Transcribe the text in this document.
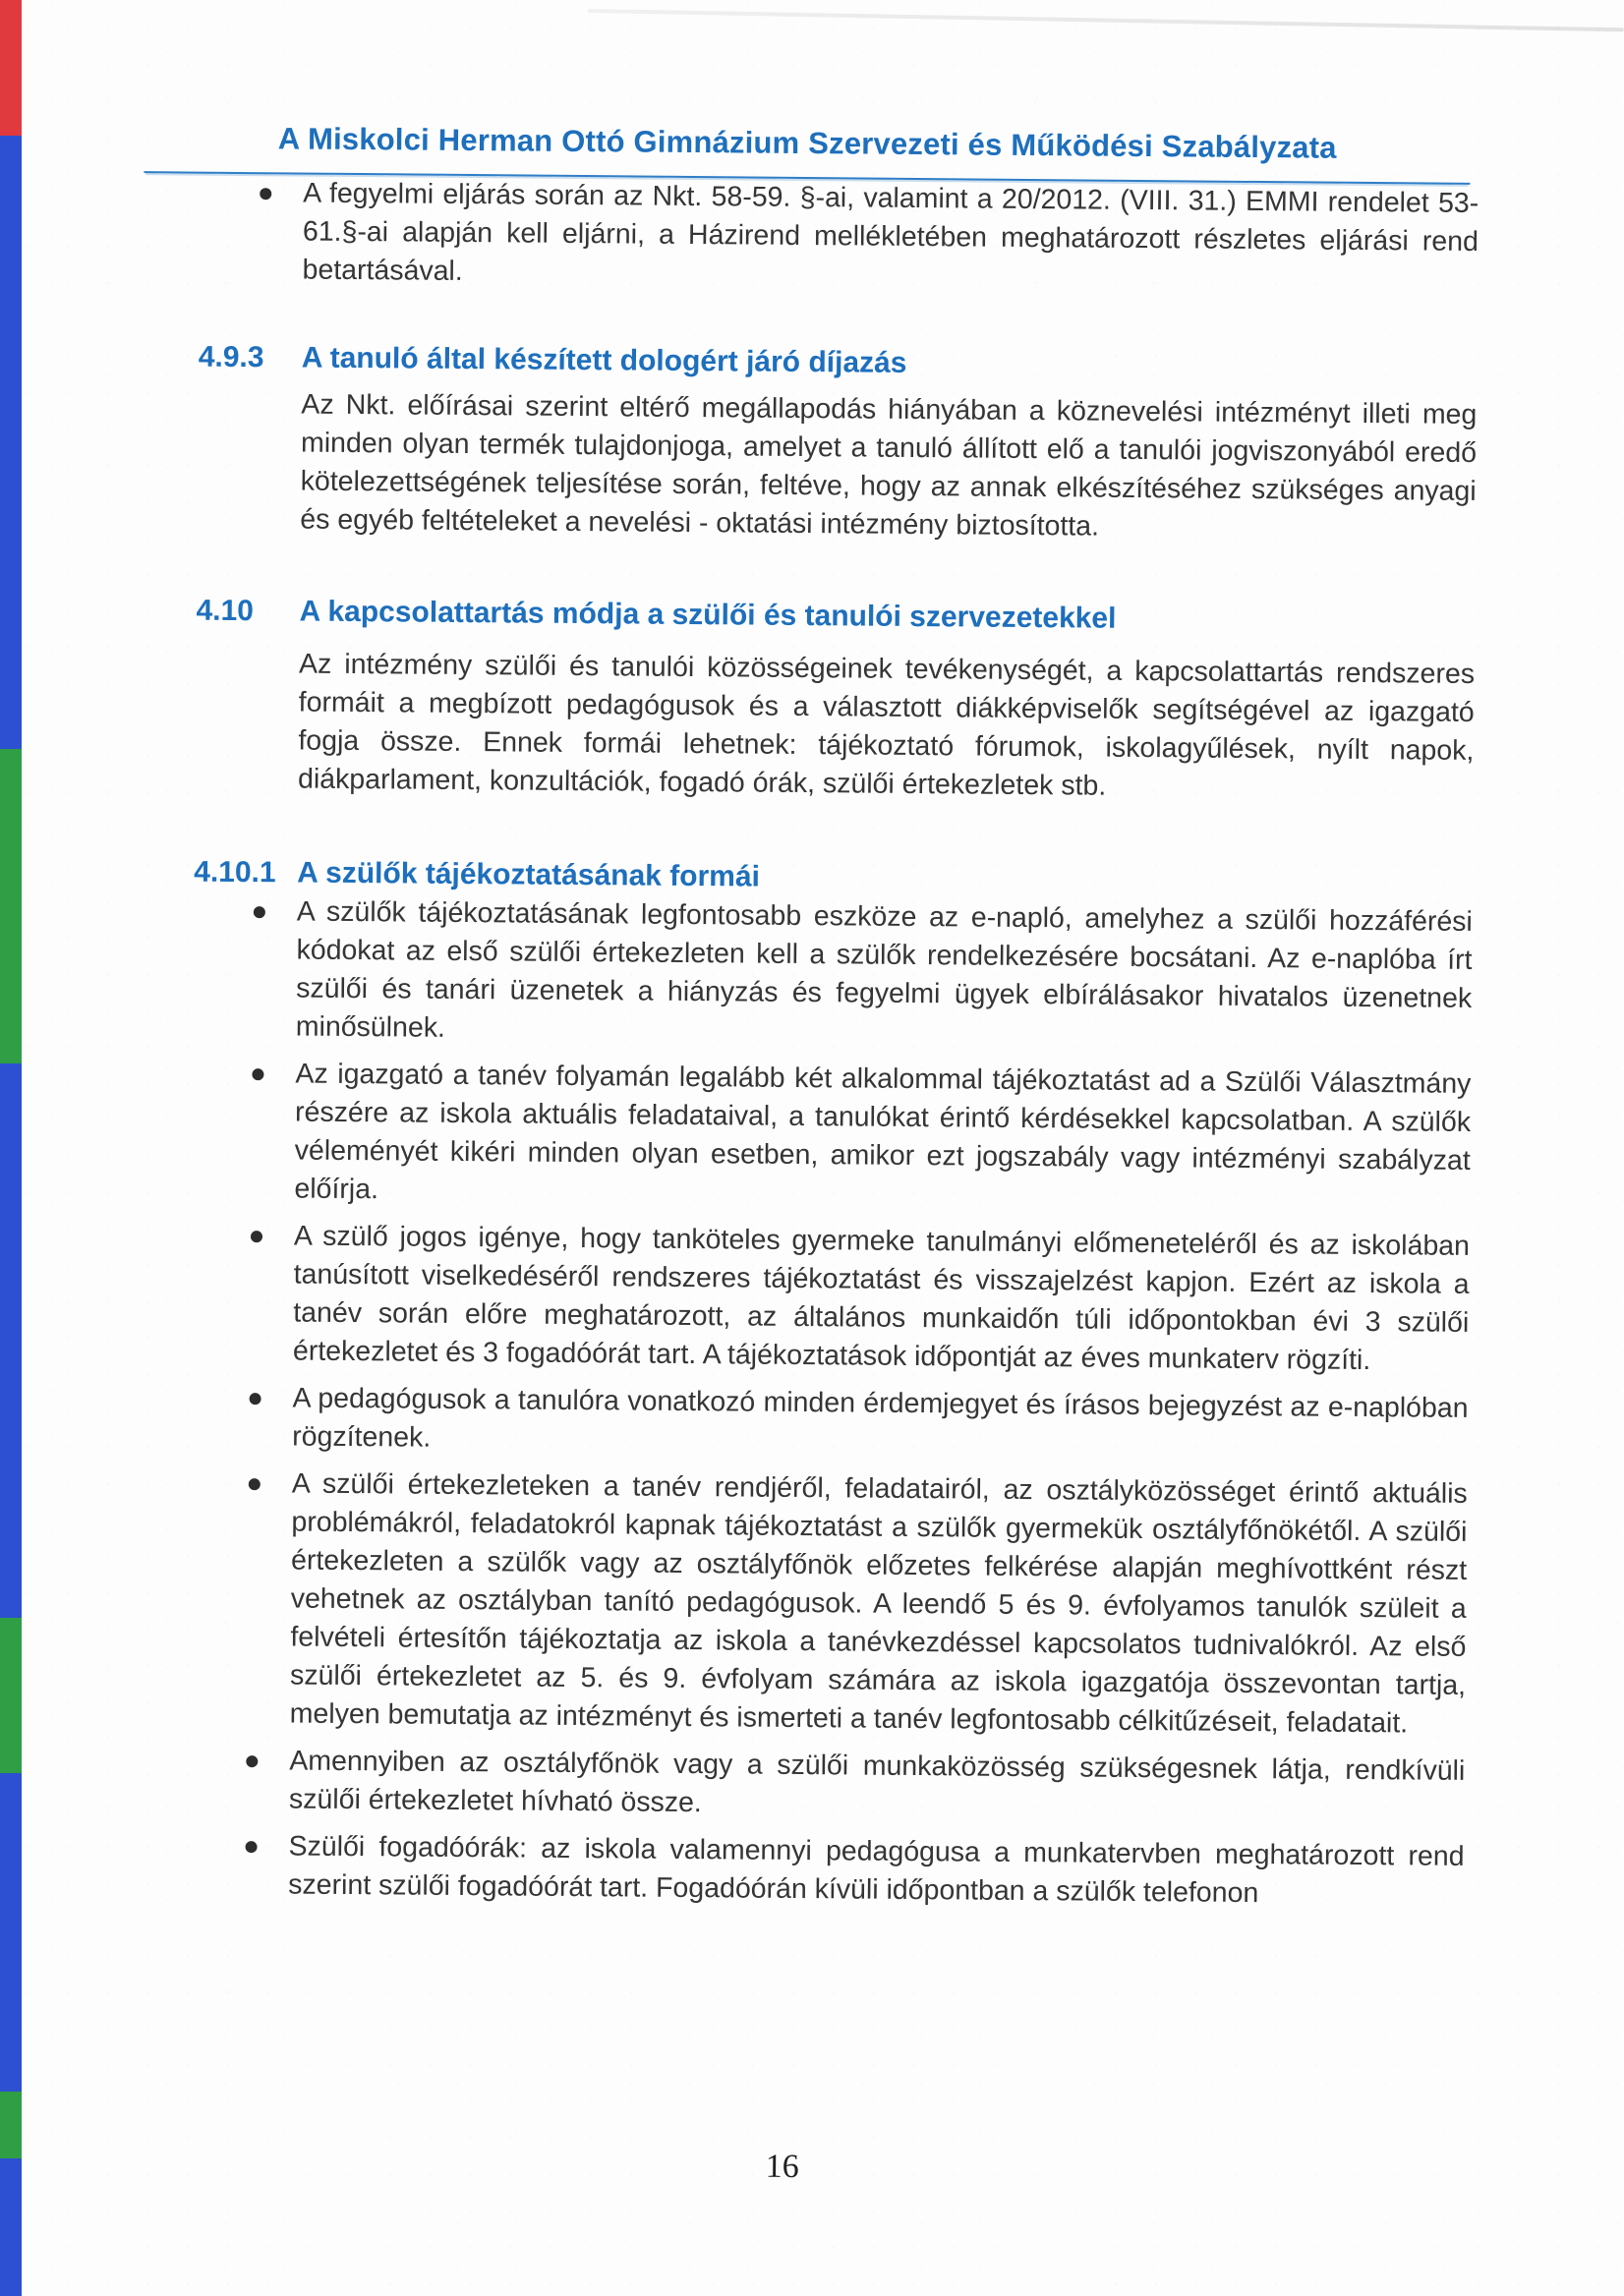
A Miskolci Herman Ottó Gimnázium Szervezeti és Működési Szabályzata
A fegyelmi eljárás során az Nkt. 58-59. §-ai, valamint a 20/2012. (VIII. 31.) EMMI rendelet 53-61.§-ai alapján kell eljárni, a Házirend mellékletében meghatározott részletes eljárási rend betartásával.
4.9.3	A tanuló által készített dologért járó díjazás
Az Nkt. előírásai szerint eltérő megállapodás hiányában a köznevelési intézményt illeti meg minden olyan termék tulajdonjoga, amelyet a tanuló állított elő a tanulói jogviszonyából eredő kötelezettségének teljesítése során, feltéve, hogy az annak elkészítéséhez szükséges anyagi és egyéb feltételeket a nevelési - oktatási intézmény biztosította.
4.10	A kapcsolattartás módja a szülői és tanulói szervezetekkel
Az intézmény szülői és tanulói közösségeinek tevékenységét, a kapcsolattartás rendszeres formáit a megbízott pedagógusok és a választott diákképviselők segítségével az igazgató fogja össze. Ennek formái lehetnek: tájékoztató fórumok, iskolagyűlések, nyílt napok, diákparlament, konzultációk, fogadó órák, szülői értekezletek stb.
4.10.1 A szülők tájékoztatásának formái
A szülők tájékoztatásának legfontosabb eszköze az e-napló, amelyhez a szülői hozzáférési kódokat az első szülői értekezleten kell a szülők rendelkezésére bocsátani. Az e-naplóba írt szülői és tanári üzenetek a hiányzás és fegyelmi ügyek elbírálásakor hivatalos üzenetnek minősülnek.
Az igazgató a tanév folyamán legalább két alkalommal tájékoztatást ad a Szülői Választmány részére az iskola aktuális feladataival, a tanulókat érintő kérdésekkel kapcsolatban. A szülők véleményét kikéri minden olyan esetben, amikor ezt jogszabály vagy intézményi szabályzat előírja.
A szülő jogos igénye, hogy tanköteles gyermeke tanulmányi előmeneteléről és az iskolában tanúsított viselkedéséről rendszeres tájékoztatást és visszajelzést kapjon. Ezért az iskola a tanév során előre meghatározott, az általános munkaidőn túli időpontokban évi 3 szülői értekezletet és 3 fogadóórát tart. A tájékoztatások időpontját az éves munkaterv rögzíti.
A pedagógusok a tanulóra vonatkozó minden érdemjegyet és írásos bejegyzést az e-naplóban rögzítenek.
A szülői értekezleteken a tanév rendjéről, feladatairól, az osztályközösséget érintő aktuális problémákról, feladatokról kapnak tájékoztatást a szülők gyermekük osztályfőnökétől. A szülői értekezleten a szülők vagy az osztályfőnök előzetes felkérése alapján meghívottként részt vehetnek az osztályban tanító pedagógusok. A leendő 5 és 9. évfolyamos tanulók szüleit a felvételi értesítőn tájékoztatja az iskola a tanévkezdéssel kapcsolatos tudnivalókról. Az első szülői értekezletet az 5. és 9. évfolyam számára az iskola igazgatója összevontan tartja, melyen bemutatja az intézményt és ismerteti a tanév legfontosabb célkitűzéseit, feladatait.
Amennyiben az osztályfőnök vagy a szülői munkaközösség szükségesnek látja, rendkívüli szülői értekezletet hívható össze.
Szülői fogadóórák: az iskola valamennyi pedagógusa a munkatervben meghatározott rend szerint szülői fogadóórát tart. Fogadóórán kívüli időpontban a szülők telefonon
16
